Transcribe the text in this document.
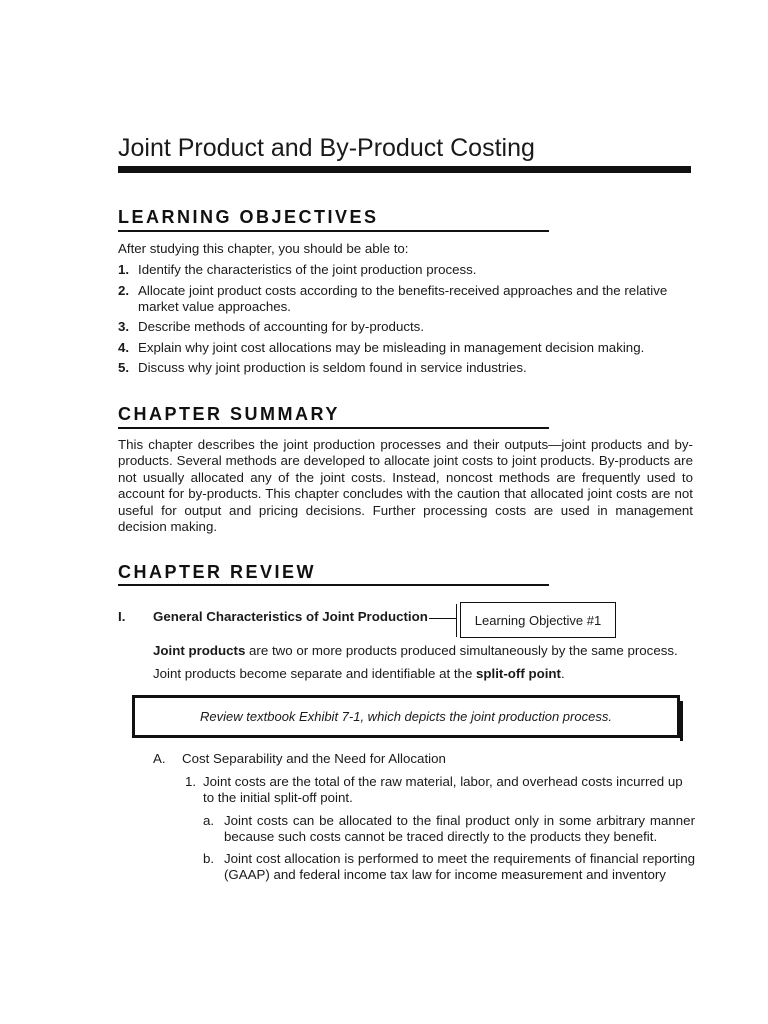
Joint Product and By-Product Costing
LEARNING OBJECTIVES

After studying this chapter, you should be able to:

1. Identify the characteristics of the joint production process.
2. Allocate joint product costs according to the benefits-received approaches and the relative market value approaches.
3. Describe methods of accounting for by-products.
4. Explain why joint cost allocations may be misleading in management decision making.
5. Discuss why joint production is seldom found in service industries.
CHAPTER SUMMARY

This chapter describes the joint production processes and their outputs—joint products and by-products. Several methods are developed to allocate joint costs to joint products. By-products are not usually allocated any of the joint costs. Instead, noncost methods are frequently used to account for by-products. This chapter concludes with the caution that allocated joint costs are not useful for output and pricing decisions. Further processing costs are used in management decision making.

CHAPTER REVIEW
I. General Characteristics of Joint Production	Learning Objective #1

Joint products are two or more products produced simultaneously by the same process.

Joint products become separate and identifiable at the split-off point.

Review textbook Exhibit 7-1, which depicts the joint production process.
A. Cost Separability and the Need for Allocation
1. Joint costs are the total of the raw material, labor, and overhead costs incurred up to the initial split-off point.
a. Joint costs can be allocated to the final product only in some arbitrary manner because such costs cannot be traced directly to the products they benefit.
b. Joint cost allocation is performed to meet the requirements of financial reporting (GAAP) and federal income tax law for income measurement and inventory
